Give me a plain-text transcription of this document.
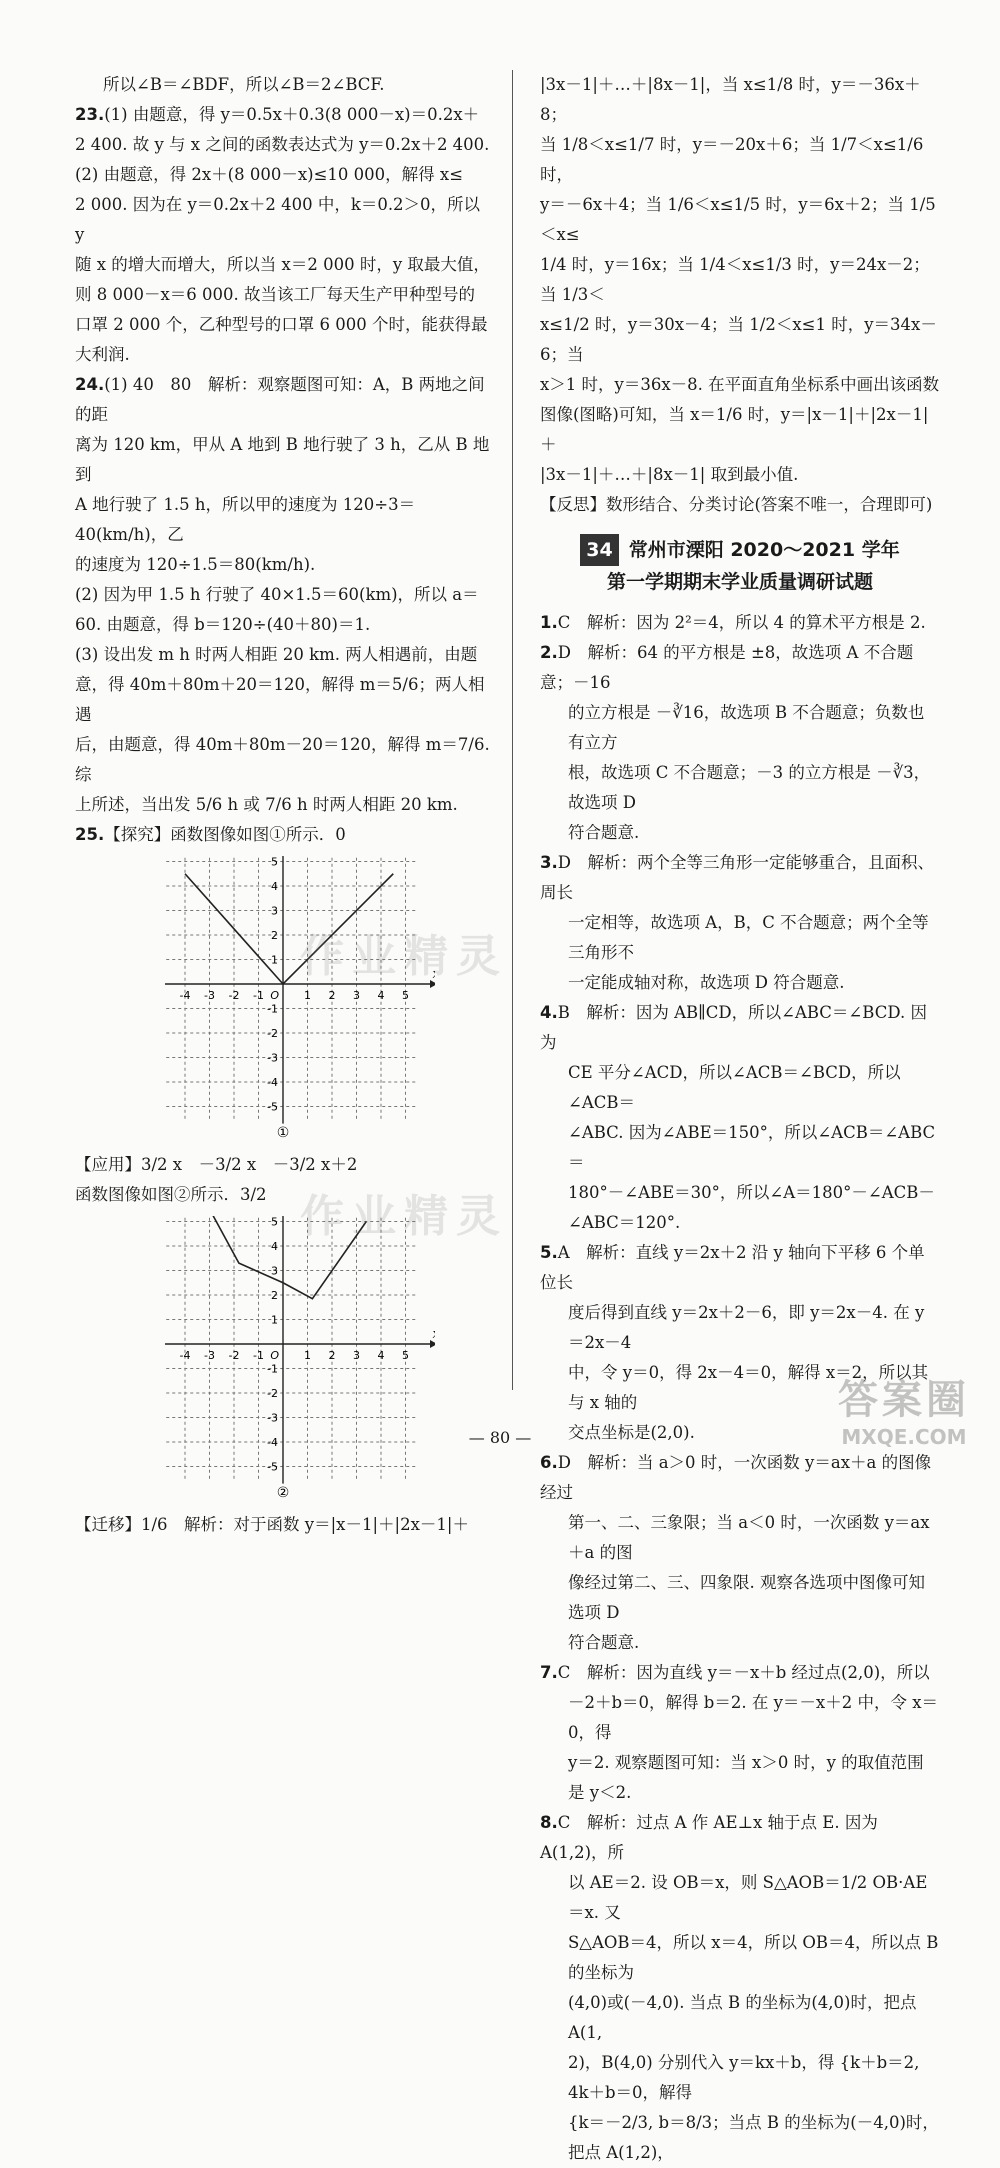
所以∠B＝∠BDF，所以∠B＝2∠BCF.

23.(1) 由题意，得 y＝0.5x＋0.3(8 000－x)＝0.2x＋

2 400. 故 y 与 x 之间的函数表达式为 y＝0.2x＋2 400.

(2) 由题意，得 2x＋(8 000－x)≤10 000，解得 x≤

2 000. 因为在 y＝0.2x＋2 400 中，k＝0.2＞0，所以 y

随 x 的增大而增大，所以当 x＝2 000 时，y 取最大值，

则 8 000－x＝6 000. 故当该工厂每天生产甲种型号的

口罩 2 000 个，乙种型号的口罩 6 000 个时，能获得最

大利润.

24.(1) 40　80　解析：观察题图可知：A，B 两地之间的距

离为 120 km，甲从 A 地到 B 地行驶了 3 h，乙从 B 地到

A 地行驶了 1.5 h，所以甲的速度为 120÷3＝40(km/h)，乙

的速度为 120÷1.5＝80(km/h).

(2) 因为甲 1.5 h 行驶了 40×1.5＝60(km)，所以 a＝

60. 由题意，得 b＝120÷(40＋80)＝1.

(3) 设出发 m h 时两人相距 20 km. 两人相遇前，由题

意，得 40m＋80m＋20＝120，解得 m＝5/6；两人相遇

后，由题意，得 40m＋80m－20＝120，解得 m＝7/6. 综

上所述，当出发 5/6 h 或 7/6 h 时两人相距 20 km.

25.【探究】函数图像如图①所示．0

-5
-4
-4
-3
-3
-2
-2
-1
-1
1
1
2
2
3
3
4
4
5
5
O
①

【应用】3/2 x　－3/2 x　－3/2 x＋2

函数图像如图②所示．3/2

-5
-4
-4
-3
-3
-2
-2
-1
-1
1
1
2
2
3
3
4
4
5
5
O
②

【迁移】1/6　解析：对于函数 y＝|x－1|＋|2x－1|＋

|3x－1|＋…＋|8x－1|，当 x≤1/8 时，y＝－36x＋8；

当 1/8＜x≤1/7 时，y＝－20x＋6；当 1/7＜x≤1/6 时，

y＝－6x＋4；当 1/6＜x≤1/5 时，y＝6x＋2；当 1/5＜x≤

1/4 时，y＝16x；当 1/4＜x≤1/3 时，y＝24x－2；当 1/3＜

x≤1/2 时，y＝30x－4；当 1/2＜x≤1 时，y＝34x－6；当

x＞1 时，y＝36x－8. 在平面直角坐标系中画出该函数

图像(图略)可知，当 x＝1/6 时，y＝|x－1|＋|2x－1|＋

|3x－1|＋…＋|8x－1| 取到最小值.

【反思】数形结合、分类讨论(答案不唯一，合理即可)

34 常州市溧阳 2020～2021 学年
第一学期期末学业质量调研试题

1.C　解析：因为 2²＝4，所以 4 的算术平方根是 2.

2.D　解析：64 的平方根是 ±8，故选项 A 不合题意；－16

的立方根是 －∛16，故选项 B 不合题意；负数也有立方

根，故选项 C 不合题意；－3 的立方根是 －∛3，故选项 D

符合题意.

3.D　解析：两个全等三角形一定能够重合，且面积、周长

一定相等，故选项 A，B，C 不合题意；两个全等三角形不

一定能成轴对称，故选项 D 符合题意.

4.B　解析：因为 AB∥CD，所以∠ABC＝∠BCD. 因为

CE 平分∠ACD，所以∠ACB＝∠BCD，所以∠ACB＝

∠ABC. 因为∠ABE＝150°，所以∠ACB＝∠ABC＝

180°－∠ABE＝30°，所以∠A＝180°－∠ACB－

∠ABC＝120°.

5.A　解析：直线 y＝2x＋2 沿 y 轴向下平移 6 个单位长

度后得到直线 y＝2x＋2－6，即 y＝2x－4. 在 y＝2x－4

中，令 y＝0，得 2x－4＝0，解得 x＝2，所以其与 x 轴的

交点坐标是(2,0).

6.D　解析：当 a＞0 时，一次函数 y＝ax＋a 的图像经过

第一、二、三象限；当 a＜0 时，一次函数 y＝ax＋a 的图

像经过第二、三、四象限. 观察各选项中图像可知选项 D

符合题意.

7.C　解析：因为直线 y＝－x＋b 经过点(2,0)，所以

－2＋b＝0，解得 b＝2. 在 y＝－x＋2 中，令 x＝0，得

y＝2. 观察题图可知：当 x＞0 时，y 的取值范围是 y＜2.

8.C　解析：过点 A 作 AE⊥x 轴于点 E. 因为 A(1,2)，所

以 AE＝2. 设 OB＝x，则 S△AOB＝1/2 OB·AE＝x. 又

S△AOB＝4，所以 x＝4，所以 OB＝4，所以点 B 的坐标为

(4,0)或(－4,0). 当点 B 的坐标为(4,0)时，把点 A(1,

2)，B(4,0) 分别代入 y＝kx＋b，得 {k＋b＝2, 4k＋b＝0，解得

{k＝－2/3, b＝8/3；当点 B 的坐标为(－4,0)时，把点 A(1,2)，

作业精灵
作业精灵
答案圈
MXQE.COM
— 80 —
